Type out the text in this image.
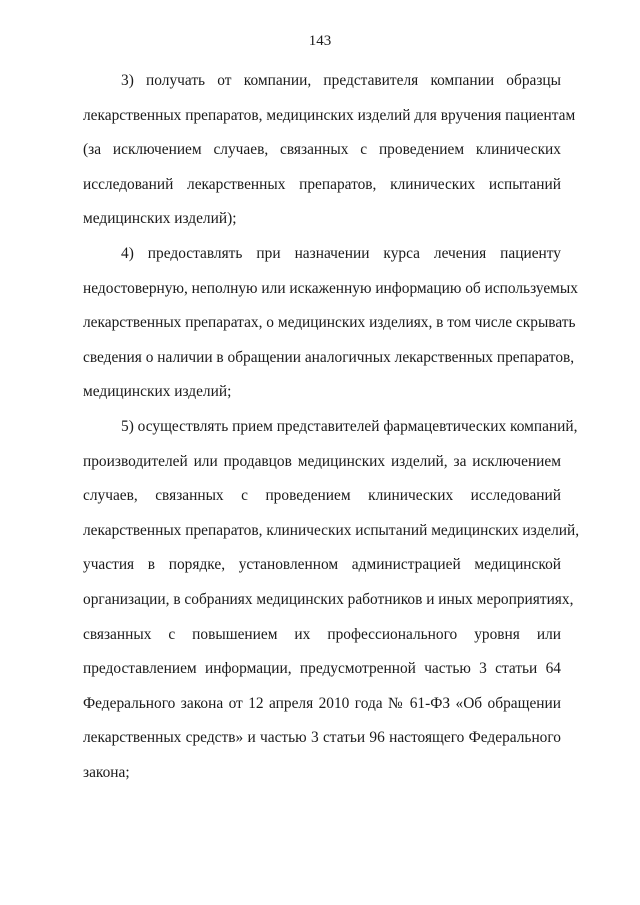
143
3) получать от компании, представителя компании образцы
лекарственных препаратов, медицинских изделий для вручения пациентам
(за исключением случаев, связанных с проведением клинических
исследований лекарственных препаратов, клинических испытаний
медицинских изделий);
4) предоставлять при назначении курса лечения пациенту
недостоверную, неполную или искаженную информацию об используемых
лекарственных препаратах, о медицинских изделиях, в том числе скрывать
сведения о наличии в обращении аналогичных лекарственных препаратов,
медицинских изделий;
5) осуществлять прием представителей фармацевтических компаний,
производителей или продавцов медицинских изделий, за исключением
случаев, связанных с проведением клинических исследований
лекарственных препаратов, клинических испытаний медицинских изделий,
участия в порядке, установленном администрацией медицинской
организации, в собраниях медицинских работников и иных мероприятиях,
связанных с повышением их профессионального уровня или
предоставлением информации, предусмотренной частью 3 статьи 64
Федерального закона от 12 апреля 2010 года № 61-ФЗ «Об обращении
лекарственных средств» и частью 3 статьи 96 настоящего Федерального
закона;
